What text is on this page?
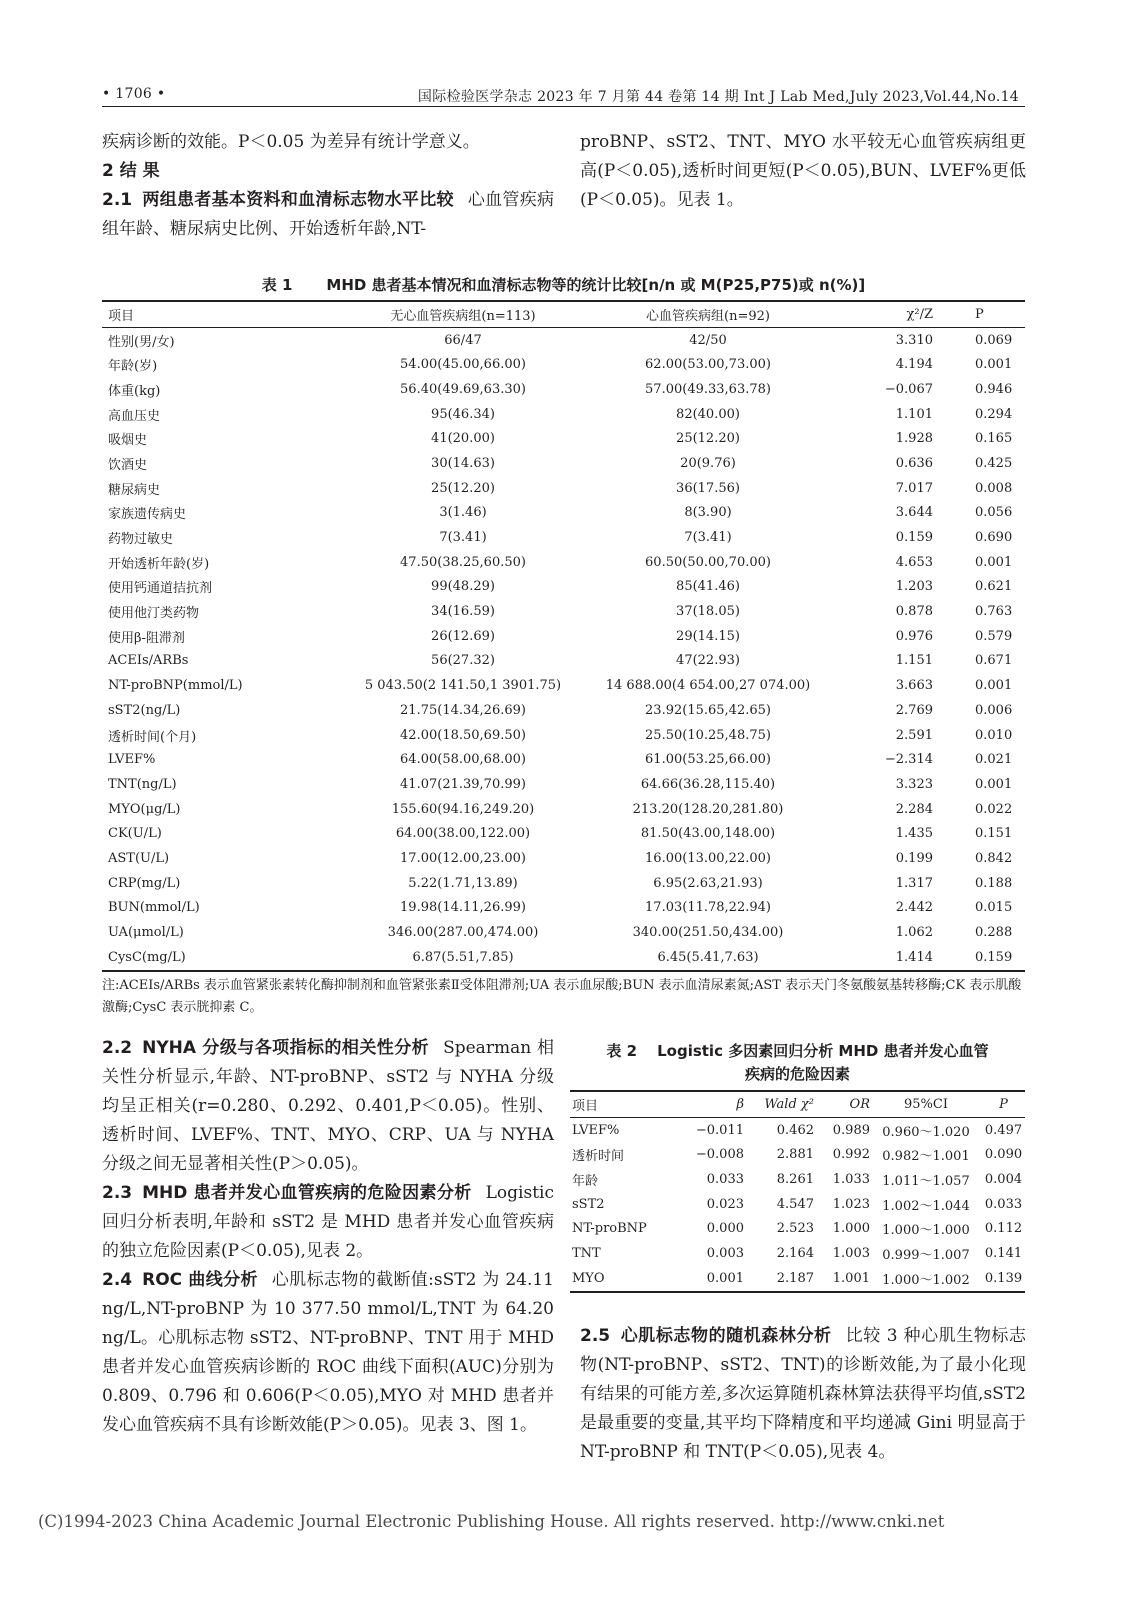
• 1706 •	国际检验医学杂志 2023 年 7 月第 44 卷第 14 期 Int J Lab Med,July 2023,Vol.44,No.14

疾病诊断的效能。P＜0.05 为差异有统计学意义。

2 结 果

2.1 两组患者基本资料和血清标志物水平比较 心血管疾病组年龄、糖尿病史比例、开始透析年龄,NT-

proBNP、sST2、TNT、MYO 水平较无心血管疾病组更高(P＜0.05),透析时间更短(P＜0.05),BUN、LVEF%更低(P＜0.05)。见表 1。

表 1 MHD 患者基本情况和血清标志物等的统计比较[n/n 或 M(P25,P75)或 n(%)]
项目	无心血管疾病组(n=113)	心血管疾病组(n=92)	χ²/Z	P
性别(男/女)	66/47	42/50	3.310	0.069
年龄(岁)	54.00(45.00,66.00)	62.00(53.00,73.00)	4.194	0.001
体重(kg)	56.40(49.69,63.30)	57.00(49.33,63.78)	−0.067	0.946
高血压史	95(46.34)	82(40.00)	1.101	0.294
吸烟史	41(20.00)	25(12.20)	1.928	0.165
饮酒史	30(14.63)	20(9.76)	0.636	0.425
糖尿病史	25(12.20)	36(17.56)	7.017	0.008
家族遗传病史	3(1.46)	8(3.90)	3.644	0.056
药物过敏史	7(3.41)	7(3.41)	0.159	0.690
开始透析年龄(岁)	47.50(38.25,60.50)	60.50(50.00,70.00)	4.653	0.001
使用钙通道拮抗剂	99(48.29)	85(41.46)	1.203	0.621
使用他汀类药物	34(16.59)	37(18.05)	0.878	0.763
使用β-阻滞剂	26(12.69)	29(14.15)	0.976	0.579
ACEIs/ARBs	56(27.32)	47(22.93)	1.151	0.671
NT-proBNP(mmol/L)	5 043.50(2 141.50,1 3901.75)	14 688.00(4 654.00,27 074.00)	3.663	0.001
sST2(ng/L)	21.75(14.34,26.69)	23.92(15.65,42.65)	2.769	0.006
透析时间(个月)	42.00(18.50,69.50)	25.50(10.25,48.75)	2.591	0.010
LVEF%	64.00(58.00,68.00)	61.00(53.25,66.00)	−2.314	0.021
TNT(ng/L)	41.07(21.39,70.99)	64.66(36.28,115.40)	3.323	0.001
MYO(μg/L)	155.60(94.16,249.20)	213.20(128.20,281.80)	2.284	0.022
CK(U/L)	64.00(38.00,122.00)	81.50(43.00,148.00)	1.435	0.151
AST(U/L)	17.00(12.00,23.00)	16.00(13.00,22.00)	0.199	0.842
CRP(mg/L)	5.22(1.71,13.89)	6.95(2.63,21.93)	1.317	0.188
BUN(mmol/L)	19.98(14.11,26.99)	17.03(11.78,22.94)	2.442	0.015
UA(μmol/L)	346.00(287.00,474.00)	340.00(251.50,434.00)	1.062	0.288
CysC(mg/L)	6.87(5.51,7.85)	6.45(5.41,7.63)	1.414	0.159
注:ACEIs/ARBs 表示血管紧张素转化酶抑制剂和血管紧张素Ⅱ受体阻滞剂;UA 表示血尿酸;BUN 表示血清尿素氮;AST 表示天门冬氨酸氨基转移酶;CK 表示肌酸激酶;CysC 表示胱抑素 C。

2.2 NYHA 分级与各项指标的相关性分析 Spearman 相关性分析显示,年龄、NT-proBNP、sST2 与 NYHA 分级均呈正相关(r=0.280、0.292、0.401,P＜0.05)。性别、透析时间、LVEF%、TNT、MYO、CRP、UA 与 NYHA 分级之间无显著相关性(P＞0.05)。

2.3 MHD 患者并发心血管疾病的危险因素分析 Logistic 回归分析表明,年龄和 sST2 是 MHD 患者并发心血管疾病的独立危险因素(P＜0.05),见表 2。

2.4 ROC 曲线分析 心肌标志物的截断值:sST2 为 24.11 ng/L,NT-proBNP 为 10 377.50 mmol/L,TNT 为 64.20 ng/L。心肌标志物 sST2、NT-proBNP、TNT 用于 MHD 患者并发心血管疾病诊断的 ROC 曲线下面积(AUC)分别为 0.809、0.796 和 0.606(P＜0.05),MYO 对 MHD 患者并发心血管疾病不具有诊断效能(P＞0.05)。见表 3、图 1。

表 2 Logistic 多因素回归分析 MHD 患者并发心血管
疾病的危险因素
项目	β	Wald χ²	OR	95%CI	P
LVEF%	−0.011	0.462	0.989	0.960～1.020	0.497
透析时间	−0.008	2.881	0.992	0.982～1.001	0.090
年龄	0.033	8.261	1.033	1.011～1.057	0.004
sST2	0.023	4.547	1.023	1.002～1.044	0.033
NT-proBNP	0.000	2.523	1.000	1.000～1.000	0.112
TNT	0.003	2.164	1.003	0.999～1.007	0.141
MYO	0.001	2.187	1.001	1.000～1.002	0.139

2.5 心肌标志物的随机森林分析 比较 3 种心肌生物标志物(NT-proBNP、sST2、TNT)的诊断效能,为了最小化现有结果的可能方差,多次运算随机森林算法获得平均值,sST2 是最重要的变量,其平均下降精度和平均递减 Gini 明显高于 NT-proBNP 和 TNT(P＜0.05),见表 4。

(C)1994-2023 China Academic Journal Electronic Publishing House. All rights reserved. http://www.cnki.net
